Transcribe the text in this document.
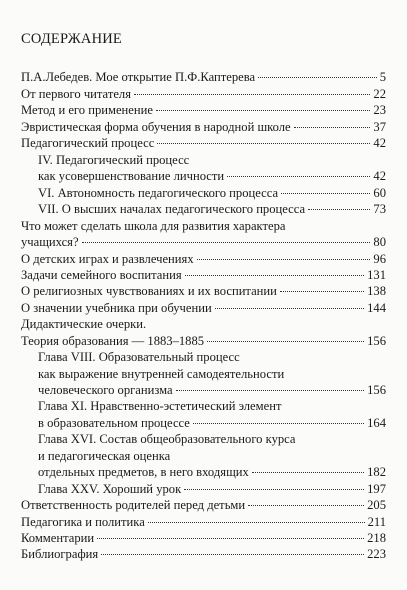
СОДЕРЖАНИЕ
П.А.Лебедев. Мое открытие П.Ф.Каптерева	5
От первого читателя	22
Метод и его применение	23
Эвристическая форма обучения в народной школе	37
Педагогический процесс	42
IV. Педагогический процесс
как усовершенствование личности	42
VI. Автономность педагогического процесса	60
VII. О высших началах педагогического процесса	73
Что может сделать школа для развития характера
учащихся?	80
О детских играх и развлечениях	96
Задачи семейного воспитания	131
О религиозных чувствованиях и их воспитании	138
О значении учебника при обучении	144
Дидактические очерки.
Теория образования — 1883–1885	156
Глава VIII. Образовательный процесс
как выражение внутренней самодеятельности
человеческого организма	156
Глава XI. Нравственно-эстетический элемент
в образовательном процессе	164
Глава XVI. Состав общеобразовательного курса
и педагогическая оценка
отдельных предметов, в него входящих	182
Глава XXV. Хороший урок	197
Ответственность родителей перед детьми	205
Педагогика и политика	211
Комментарии	218
Библиография	223
